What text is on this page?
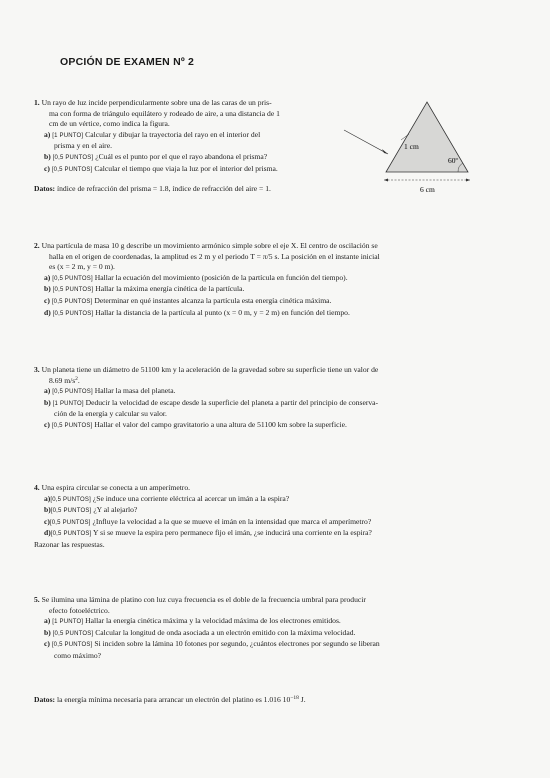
OPCIÓN DE EXAMEN Nº 2

1. Un rayo de luz incide perpendicularmente sobre una de las caras de un pris-

ma con forma de triángulo equilátero y rodeado de aire, a una distancia de 1

cm de un vértice, como indica la figura.

a) [1 PUNTO] Calcular y dibujar la trayectoria del rayo en el interior del

prisma y en el aire.

b) [0,5 PUNTOS] ¿Cuál es el punto por el que el rayo abandona el prisma?

c) [0,5 PUNTOS] Calcular el tiempo que viaja la luz por el interior del prisma.

Datos: índice de refracción del prisma = 1.8, índice de refracción del aire = 1.

1 cm
60º
6 cm

2. Una partícula de masa 10 g describe un movimiento armónico simple sobre el eje X. El centro de oscilación se

halla en el origen de coordenadas, la amplitud es 2 m y el periodo T = π/5 s. La posición en el instante inicial

es (x = 2 m, y = 0 m).

a) [0,5 PUNTOS] Hallar la ecuación del movimiento (posición de la partícula en función del tiempo).

b) [0,5 PUNTOS] Hallar la máxima energía cinética de la partícula.

c) [0,5 PUNTOS] Determinar en qué instantes alcanza la partícula esta energía cinética máxima.

d) [0,5 PUNTOS] Hallar la distancia de la partícula al punto (x = 0 m, y = 2 m) en función del tiempo.

3. Un planeta tiene un diámetro de 51100 km y la aceleración de la gravedad sobre su superficie tiene un valor de

8.69 $m/s^2$.

a) [0,5 PUNTOS] Hallar la masa del planeta.

b) [1 PUNTO] Deducir la velocidad de escape desde la superficie del planeta a partir del principio de conserva-

ción de la energía y calcular su valor.

c) [0,5 PUNTOS] Hallar el valor del campo gravitatorio a una altura de 51100 km sobre la superficie.

4. Una espira circular se conecta a un amperímetro.

a)[0,5 PUNTOS] ¿Se induce una corriente eléctrica al acercar un imán a la espira?

b)[0,5 PUNTOS] ¿Y al alejarlo?

c)[0,5 PUNTOS] ¿Influye la velocidad a la que se mueve el imán en la intensidad que marca el amperímetro?

d)[0,5 PUNTOS] Y si se mueve la espira pero permanece fijo el imán, ¿se inducirá una corriente en la espira?

Razonar las respuestas.

5. Se ilumina una lámina de platino con luz cuya frecuencia es el doble de la frecuencia umbral para producir

efecto fotoeléctrico.

a) [1 PUNTO] Hallar la energía cinética máxima y la velocidad máxima de los electrones emitidos.

b) [0,5 PUNTOS] Calcular la longitud de onda asociada a un electrón emitido con la máxima velocidad.

c) [0,5 PUNTOS] Si inciden sobre la lámina 10 fotones por segundo, ¿cuántos electrones por segundo se liberan

como máximo?

Datos: la energía mínima necesaria para arrancar un electrón del platino es 1.016 $10^{-18}$ J.
